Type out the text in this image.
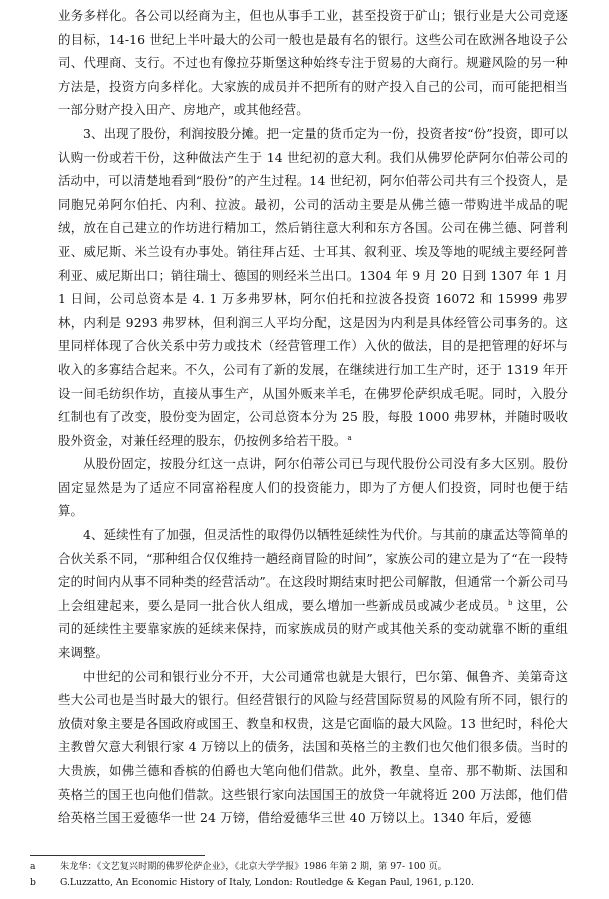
业务多样化。各公司以经商为主，但也从事手工业，甚至投资于矿山；银行业是大公司竞逐的目标，14-16 世纪上半叶最大的公司一般也是最有名的银行。这些公司在欧洲各地设子公司、代理商、支行。不过也有像拉芬斯堡这种始终专注于贸易的大商行。规避风险的另一种方法是，投资方向多样化。大家族的成员并不把所有的财产投入自己的公司，而可能把相当一部分财产投入田产、房地产，或其他经营。

3、出现了股份，利润按股分摊。把一定量的货币定为一份，投资者按“份”投资，即可以认购一份或若干份，这种做法产生于 14 世纪初的意大利。我们从佛罗伦萨阿尔伯蒂公司的活动中，可以清楚地看到“股份”的产生过程。14 世纪初，阿尔伯蒂公司共有三个投资人，是同胞兄弟阿尔伯托、内利、拉波。最初，公司的活动主要是从佛兰德一带购进半成品的呢绒，放在自己建立的作坊进行精加工，然后销往意大利和东方各国。公司在佛兰德、阿普利亚、威尼斯、米兰设有办事处。销往拜占廷、士耳其、叙利亚、埃及等地的呢绒主要经阿普利亚、威尼斯出口；销往瑞士、德国的则经米兰出口。1304 年 9 月 20 日到 1307 年 1 月 1 日间，公司总资本是 4. 1 万多弗罗林，阿尔伯托和拉波各投资 16072 和 15999 弗罗林，内利是 9293 弗罗林，但利润三人平均分配，这是因为内利是具体经管公司事务的。这里同样体现了合伙关系中劳力或技术（经营管理工作）入伙的做法，目的是把管理的好坏与收入的多寡结合起来。不久，公司有了新的发展，在继续进行加工生产时，还于 1319 年开设一间毛纺织作坊，直接从事生产，从国外贩来羊毛，在佛罗伦萨织成毛呢。同时，入股分红制也有了改变，股份变为固定，公司总资本分为 25 股，每股 1000 弗罗林，并随时吸收股外资金，对兼任经理的股东，仍按例多给若干股。$^a$

从股份固定，按股分红这一点讲，阿尔伯蒂公司已与现代股份公司没有多大区别。股份固定显然是为了适应不同富裕程度人们的投资能力，即为了方便人们投资，同时也便于结算。

4、延续性有了加强，但灵活性的取得仍以牺牲延续性为代价。与其前的康孟达等简单的合伙关系不同，“那种组合仅仅维持一趟经商冒险的时间”，家族公司的建立是为了“在一段特定的时间内从事不同种类的经营活动”。在这段时期结束时把公司解散，但通常一个新公司马上会组建起来，要么是同一批合伙人组成，要么增加一些新成员或减少老成员。$^b$ 这里，公司的延续性主要靠家族的延续来保持，而家族成员的财产或其他关系的变动就靠不断的重组来调整。

中世纪的公司和银行业分不开，大公司通常也就是大银行，巴尔第、佩鲁齐、美第奇这些大公司也是当时最大的银行。但经营银行的风险与经营国际贸易的风险有所不同，银行的放债对象主要是各国政府或国王、教皇和权贵，这是它面临的最大风险。13 世纪时，科伦大主教曾欠意大利银行家 4 万镑以上的债务，法国和英格兰的主教们也欠他们很多债。当时的大贵族，如佛兰德和香槟的伯爵也大笔向他们借款。此外，教皇、皇帝、那不勒斯、法国和英格兰的国王也向他们借款。这些银行家向法国国王的放贷一年就将近 200 万法郎，他们借给英格兰国王爱德华一世 24 万镑，借给爱德华三世 40 万镑以上。1340 年后，爱德

a	朱龙华：《文艺复兴时期的佛罗伦萨企业》，《北京大学学报》1986 年第 2 期，第 97- 100 页。
b	G.Luzzatto, An Economic History of Italy, London: Routledge & Kegan Paul, 1961, p.120.
